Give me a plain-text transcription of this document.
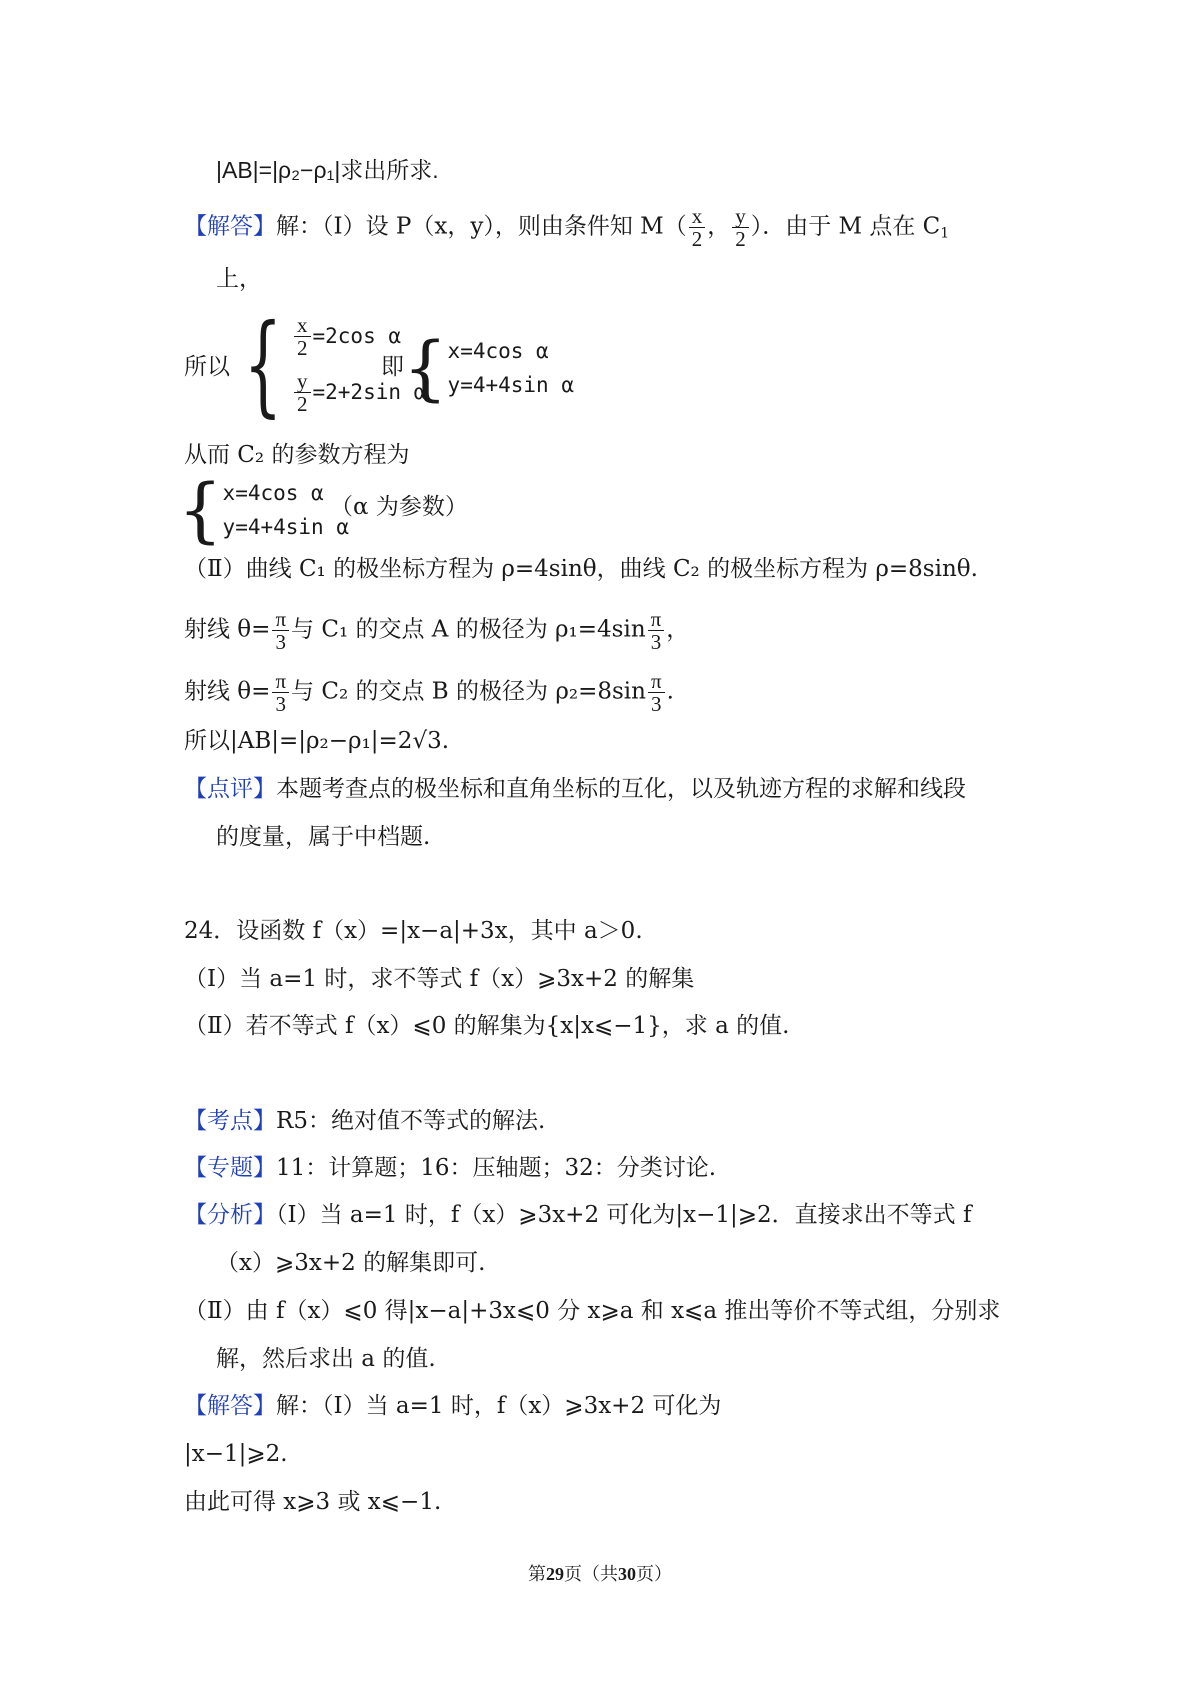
|AB|=|ρ₂−ρ₁|求出所求.
【解答】解：（I）设 P（x，y），则由条件知 $M( \frac{x}{2}$ ， $\frac{y}{2}$ ）．由于 M 点在 $C_1$
上，
所以 { $\frac{x}{2} =2\cos$ α
$\frac{y}{2} =2+2\sin$ α
即 { x=4cos α
y=4+4sin α
从而 C₂ 的参数方程为
{ x=4cos α
y=4+4sin α
（α 为参数）
（Ⅱ）曲线 C₁ 的极坐标方程为 ρ=4sinθ，曲线 C₂ 的极坐标方程为 ρ=8sinθ.
射线 $\theta= \frac{\pi}{3}$ 与 C₁ 的交点 A 的极径为 $\rho_1=4\sin \frac{\pi}{3}$ ，
射线 $\theta= \frac{\pi}{3}$ 与 C₂ 的交点 B 的极径为 $\rho_2=8\sin \frac{\pi}{3}$ .
所以|AB|=|ρ₂−ρ₁|=2√3.
【点评】本题考查点的极坐标和直角坐标的互化，以及轨迹方程的求解和线段
的度量，属于中档题.
24．设函数 f（x）=|x−a|+3x，其中 a＞0.
（Ⅰ）当 a=1 时，求不等式 f（x）⩾3x+2 的解集
（Ⅱ）若不等式 f（x）⩽0 的解集为{x|x⩽−1}，求 a 的值.
【考点】R5：绝对值不等式的解法.
【专题】11：计算题；16：压轴题；32：分类讨论.
【分析】（Ⅰ）当 a=1 时，f（x）⩾3x+2 可化为|x−1|⩾2．直接求出不等式 f
（x）⩾3x+2 的解集即可.
（Ⅱ）由 f（x）⩽0 得|x−a|+3x⩽0 分 x⩾a 和 x⩽a 推出等价不等式组，分别求
解，然后求出 a 的值.
【解答】解：（Ⅰ）当 a=1 时，f（x）⩾3x+2 可化为
|x−1|⩾2.
由此可得 x⩾3 或 x⩽−1.
第29页（共30页）
